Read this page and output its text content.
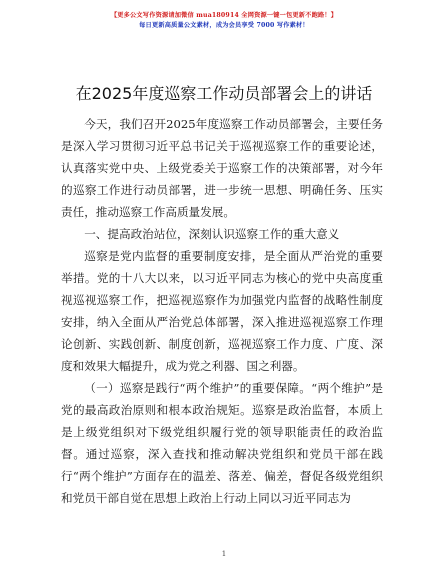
【更多公文写作资源请加微信 mua180914 全网资源一键一包更新不跑路！】
每日更新高质量公文素材，成为会员享受 7000 写作素材！
在2025年度巡察工作动员部署会上的讲话

今天，我们召开2025年度巡察工作动员部署会，主要任务是深入学习贯彻习近平总书记关于巡视巡察工作的重要论述，认真落实党中央、上级党委关于巡察工作的决策部署，对今年的巡察工作进行动员部署，进一步统一思想、明确任务、压实责任，推动巡察工作高质量发展。

一、提高政治站位，深刻认识巡察工作的重大意义

巡察是党内监督的重要制度安排，是全面从严治党的重要举措。党的十八大以来，以习近平同志为核心的党中央高度重视巡视巡察工作，把巡视巡察作为加强党内监督的战略性制度安排，纳入全面从严治党总体部署，深入推进巡视巡察工作理论创新、实践创新、制度创新，巡视巡察工作力度、广度、深度和效果大幅提升，成为党之利器、国之利器。

（一）巡察是践行“两个维护”的重要保障。“两个维护”是党的最高政治原则和根本政治规矩。巡察是政治监督，本质上是上级党组织对下级党组织履行党的领导职能责任的政治监督。通过巡察，深入查找和推动解决党组织和党员干部在践行“两个维护”方面存在的温差、落差、偏差，督促各级党组织和党员干部自觉在思想上政治上行动上同以习近平同志为

1
